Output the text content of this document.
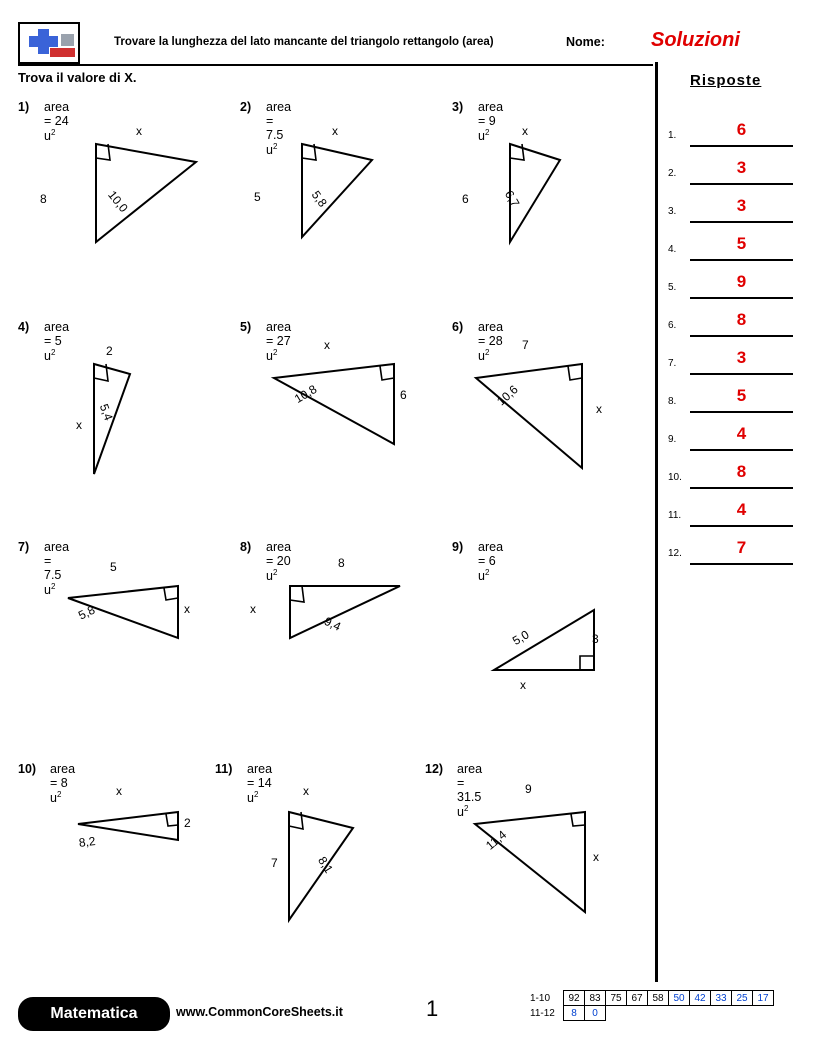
Trovare la lunghezza del lato mancante del triangolo rettangolo (area)	Nome: Soluzioni
Trova il valore di X.	Risposte
1.	6
2.	3
3.	3
4.	5
5.	9
6.	8
7.	3
8.	5
9.	4
10.	8
11.	4
12.	7
1) area = 24 $u^2$	x
8	10,0
2) area = 7.5 $u^2$
x
5	5,8
3) area = 9 $u^2$	x
6	6,7
4) area = 5 $u^2$	2
x
5,4
5) area = 27 $u^2$
x
6
10,8
6) area = 28 $u^2$
7
x
10,6
7) area = 7.5 $u^2$
5
x
5,8
8) area = 20 $u^2$
8
x
9,4
9) area = 6 $u^2$
3
x
5,0
10) area = 8 $u^2$	x
2
8,2
11) area = 14 $u^2$	x
7	8,1
12) area = 31.5 $u^2$
9
x
11,4
Matematica	www.CommonCoreSheets.it	1	1-10	92	83	75	67	58	50	42	33	25	17
11-12	8	0								
